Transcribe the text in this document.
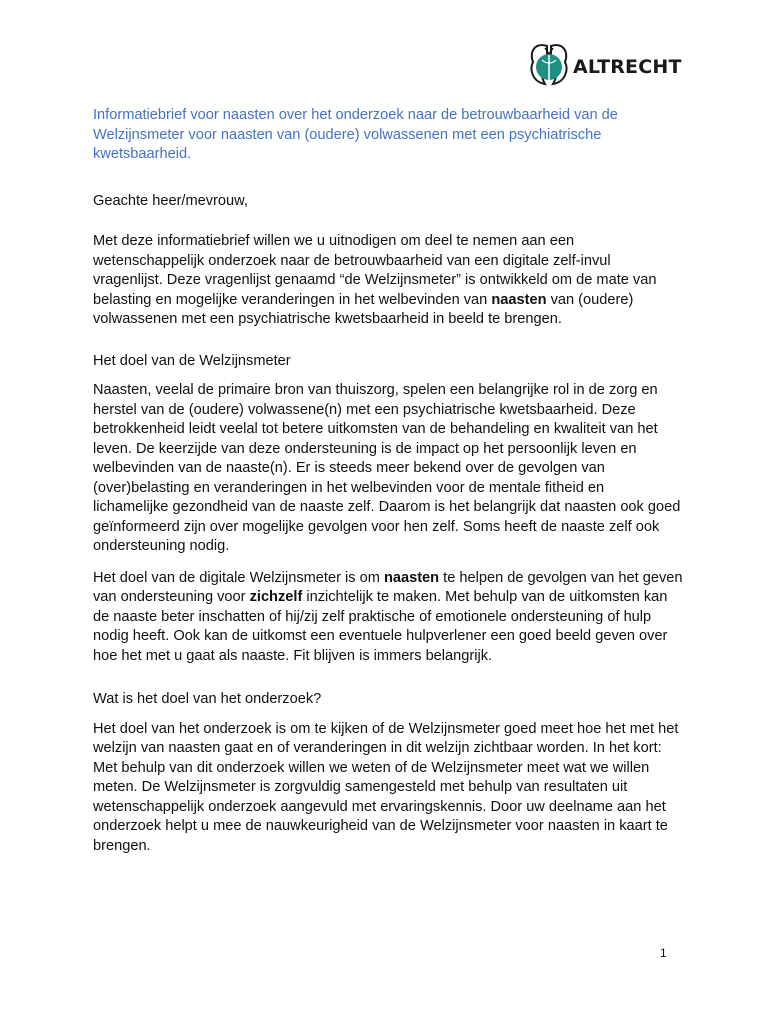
ALTRECHT
Informatiebrief voor naasten over het onderzoek naar de betrouwbaarheid van de Welzijnsmeter voor naasten van (oudere) volwassenen met een psychiatrische kwetsbaarheid.
Geachte heer/mevrouw,

Met deze informatiebrief willen we u uitnodigen om deel te nemen aan een wetenschappelijk onderzoek naar de betrouwbaarheid van een digitale zelf-invul vragenlijst. Deze vragenlijst genaamd “de Welzijnsmeter” is ontwikkeld om de mate van belasting en mogelijke veranderingen in het welbevinden van naasten van (oudere) volwassenen met een psychiatrische kwetsbaarheid in beeld te brengen.

Het doel van de Welzijnsmeter

Naasten, veelal de primaire bron van thuiszorg, spelen een belangrijke rol in de zorg en herstel van de (oudere) volwassene(n) met een psychiatrische kwetsbaarheid. Deze betrokkenheid leidt veelal tot betere uitkomsten van de behandeling en kwaliteit van het leven. De keerzijde van deze ondersteuning is de impact op het persoonlijk leven en welbevinden van de naaste(n). Er is steeds meer bekend over de gevolgen van (over)belasting en veranderingen in het welbevinden voor de mentale fitheid en lichamelijke gezondheid van de naaste zelf. Daarom is het belangrijk dat naasten ook goed geïnformeerd zijn over mogelijke gevolgen voor hen zelf. Soms heeft de naaste zelf ook ondersteuning nodig.

Het doel van de digitale Welzijnsmeter is om naasten te helpen de gevolgen van het geven van ondersteuning voor zichzelf inzichtelijk te maken. Met behulp van de uitkomsten kan de naaste beter inschatten of hij/zij zelf praktische of emotionele ondersteuning of hulp nodig heeft. Ook kan de uitkomst een eventuele hulpverlener een goed beeld geven over hoe het met u gaat als naaste. Fit blijven is immers belangrijk.

Wat is het doel van het onderzoek?

Het doel van het onderzoek is om te kijken of de Welzijnsmeter goed meet hoe het met het welzijn van naasten gaat en of veranderingen in dit welzijn zichtbaar worden. In het kort: Met behulp van dit onderzoek willen we weten of de Welzijnsmeter meet wat we willen meten. De Welzijnsmeter is zorgvuldig samengesteld met behulp van resultaten uit wetenschappelijk onderzoek aangevuld met ervaringskennis. Door uw deelname aan het onderzoek helpt u mee de nauwkeurigheid van de Welzijnsmeter voor naasten in kaart te brengen.

1
